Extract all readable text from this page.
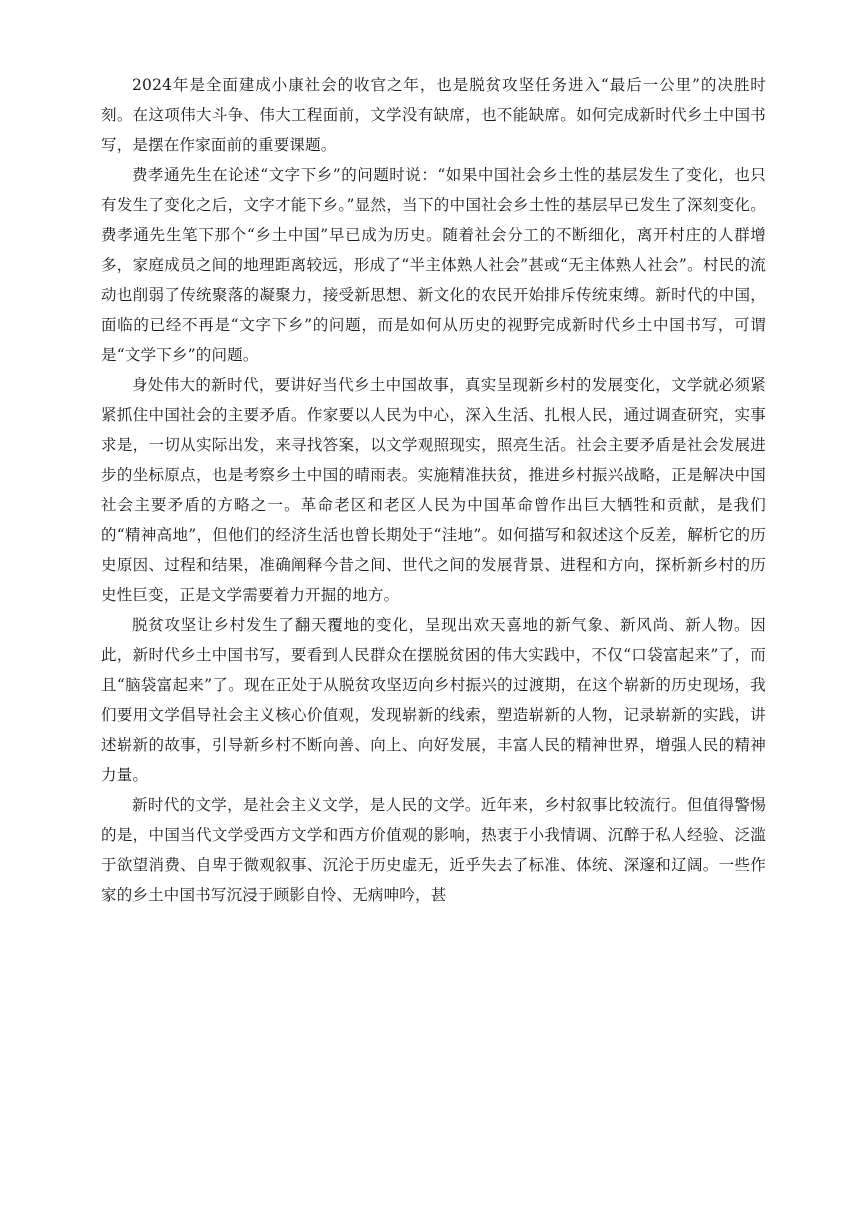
2024年是全面建成小康社会的收官之年，也是脱贫攻坚任务进入“最后一公里”的决胜时刻。在这项伟大斗争、伟大工程面前，文学没有缺席，也不能缺席。如何完成新时代乡土中国书写，是摆在作家面前的重要课题。

费孝通先生在论述“文字下乡”的问题时说：“如果中国社会乡土性的基层发生了变化，也只有发生了变化之后，文字才能下乡。”显然，当下的中国社会乡土性的基层早已发生了深刻变化。费孝通先生笔下那个“乡土中国”早已成为历史。随着社会分工的不断细化，离开村庄的人群增多，家庭成员之间的地理距离较远，形成了“半主体熟人社会”甚或“无主体熟人社会”。村民的流动也削弱了传统聚落的凝聚力，接受新思想、新文化的农民开始排斥传统束缚。新时代的中国，面临的已经不再是“文字下乡”的问题，而是如何从历史的视野完成新时代乡土中国书写，可谓是“文学下乡”的问题。

身处伟大的新时代，要讲好当代乡土中国故事，真实呈现新乡村的发展变化，文学就必须紧紧抓住中国社会的主要矛盾。作家要以人民为中心，深入生活、扎根人民，通过调查研究，实事求是，一切从实际出发，来寻找答案，以文学观照现实，照亮生活。社会主要矛盾是社会发展进步的坐标原点，也是考察乡土中国的晴雨表。实施精准扶贫，推进乡村振兴战略，正是解决中国社会主要矛盾的方略之一。革命老区和老区人民为中国革命曾作出巨大牺牲和贡献，是我们的“精神高地”，但他们的经济生活也曾长期处于“洼地”。如何描写和叙述这个反差，解析它的历史原因、过程和结果，准确阐释今昔之间、世代之间的发展背景、进程和方向，探析新乡村的历史性巨变，正是文学需要着力开掘的地方。

脱贫攻坚让乡村发生了翻天覆地的变化，呈现出欢天喜地的新气象、新风尚、新人物。因此，新时代乡土中国书写，要看到人民群众在摆脱贫困的伟大实践中，不仅“口袋富起来”了，而且“脑袋富起来”了。现在正处于从脱贫攻坚迈向乡村振兴的过渡期，在这个崭新的历史现场，我们要用文学倡导社会主义核心价值观，发现崭新的线索，塑造崭新的人物，记录崭新的实践，讲述崭新的故事，引导新乡村不断向善、向上、向好发展，丰富人民的精神世界，增强人民的精神力量。

新时代的文学，是社会主义文学，是人民的文学。近年来，乡村叙事比较流行。但值得警惕的是，中国当代文学受西方文学和西方价值观的影响，热衷于小我情调、沉醉于私人经验、泛滥于欲望消费、自卑于微观叙事、沉沦于历史虚无，近乎失去了标准、体统、深邃和辽阔。一些作家的乡土中国书写沉浸于顾影自怜、无病呻吟，甚
